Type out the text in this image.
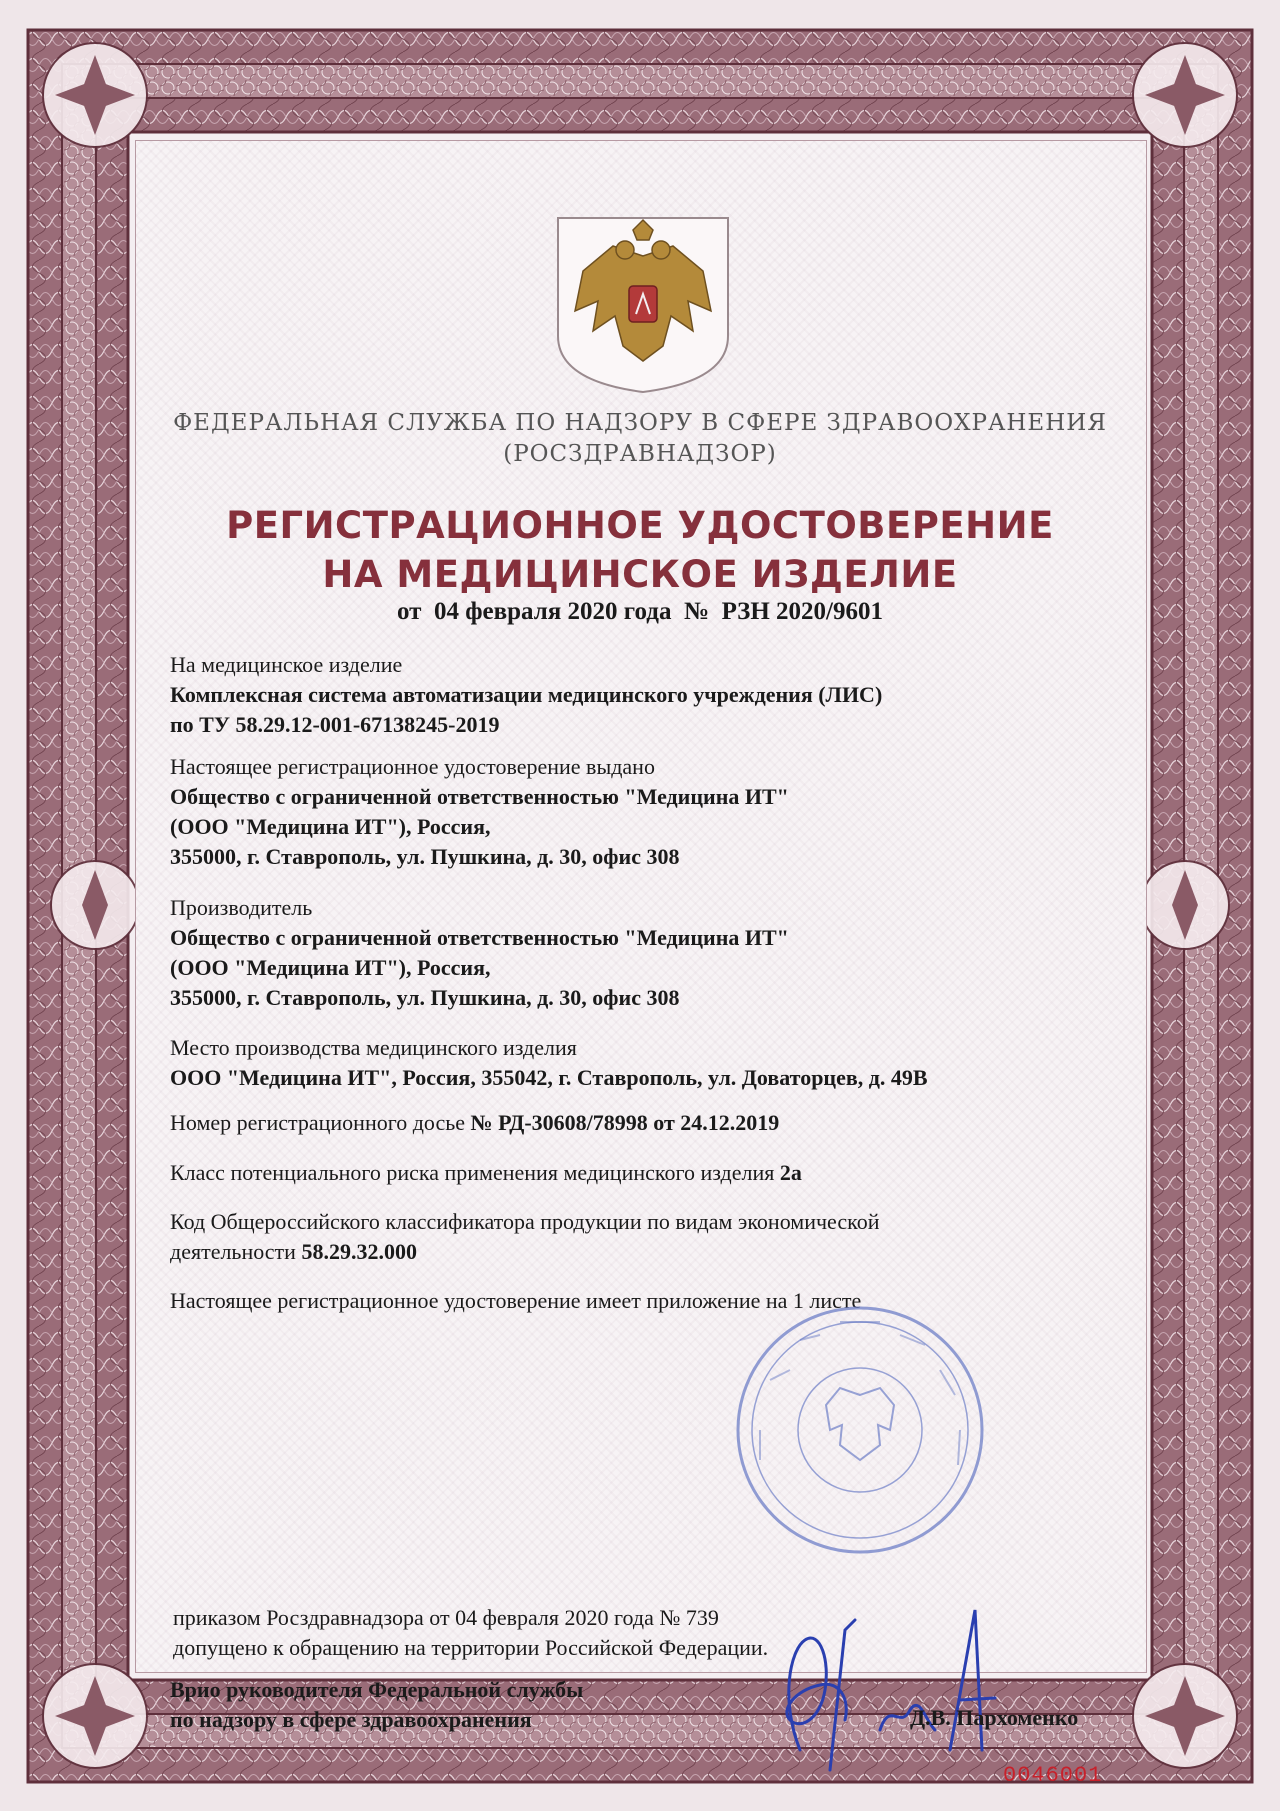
ФЕДЕРАЛЬНАЯ СЛУЖБА ПО НАДЗОРУ В СФЕРЕ ЗДРАВООХРАНЕНИЯ
(РОСЗДРАВНАДЗОР)
РЕГИСТРАЦИОННОЕ УДОСТОВЕРЕНИЕ
НА МЕДИЦИНСКОЕ ИЗДЕЛИЕ
от  04 февраля 2020 года  №  РЗН 2020/9601
На медицинское изделие
Комплексная система автоматизации медицинского учреждения (ЛИС)
по ТУ 58.29.12-001-67138245-2019
Настоящее регистрационное удостоверение выдано
Общество с ограниченной ответственностью "Медицина ИТ"
(ООО "Медицина ИТ"), Россия,
355000, г. Ставрополь, ул. Пушкина, д. 30, офис 308
Производитель
Общество с ограниченной ответственностью "Медицина ИТ"
(ООО "Медицина ИТ"), Россия,
355000, г. Ставрополь, ул. Пушкина, д. 30, офис 308
Место производства медицинского изделия
ООО "Медицина ИТ", Россия, 355042, г. Ставрополь, ул. Доваторцев, д. 49В
Номер регистрационного досье № РД-30608/78998 от 24.12.2019
Класс потенциального риска применения медицинского изделия 2а
Код Общероссийского классификатора продукции по видам экономической
деятельности 58.29.32.000
Настоящее регистрационное удостоверение имеет приложение на 1 листе
приказом Росздравнадзора от 04 февраля 2020 года № 739
допущено к обращению на территории Российской Федерации.
Врио руководителя Федеральной службы
по надзору в сфере здравоохранения	Д.В. Пархоменко
0046001
